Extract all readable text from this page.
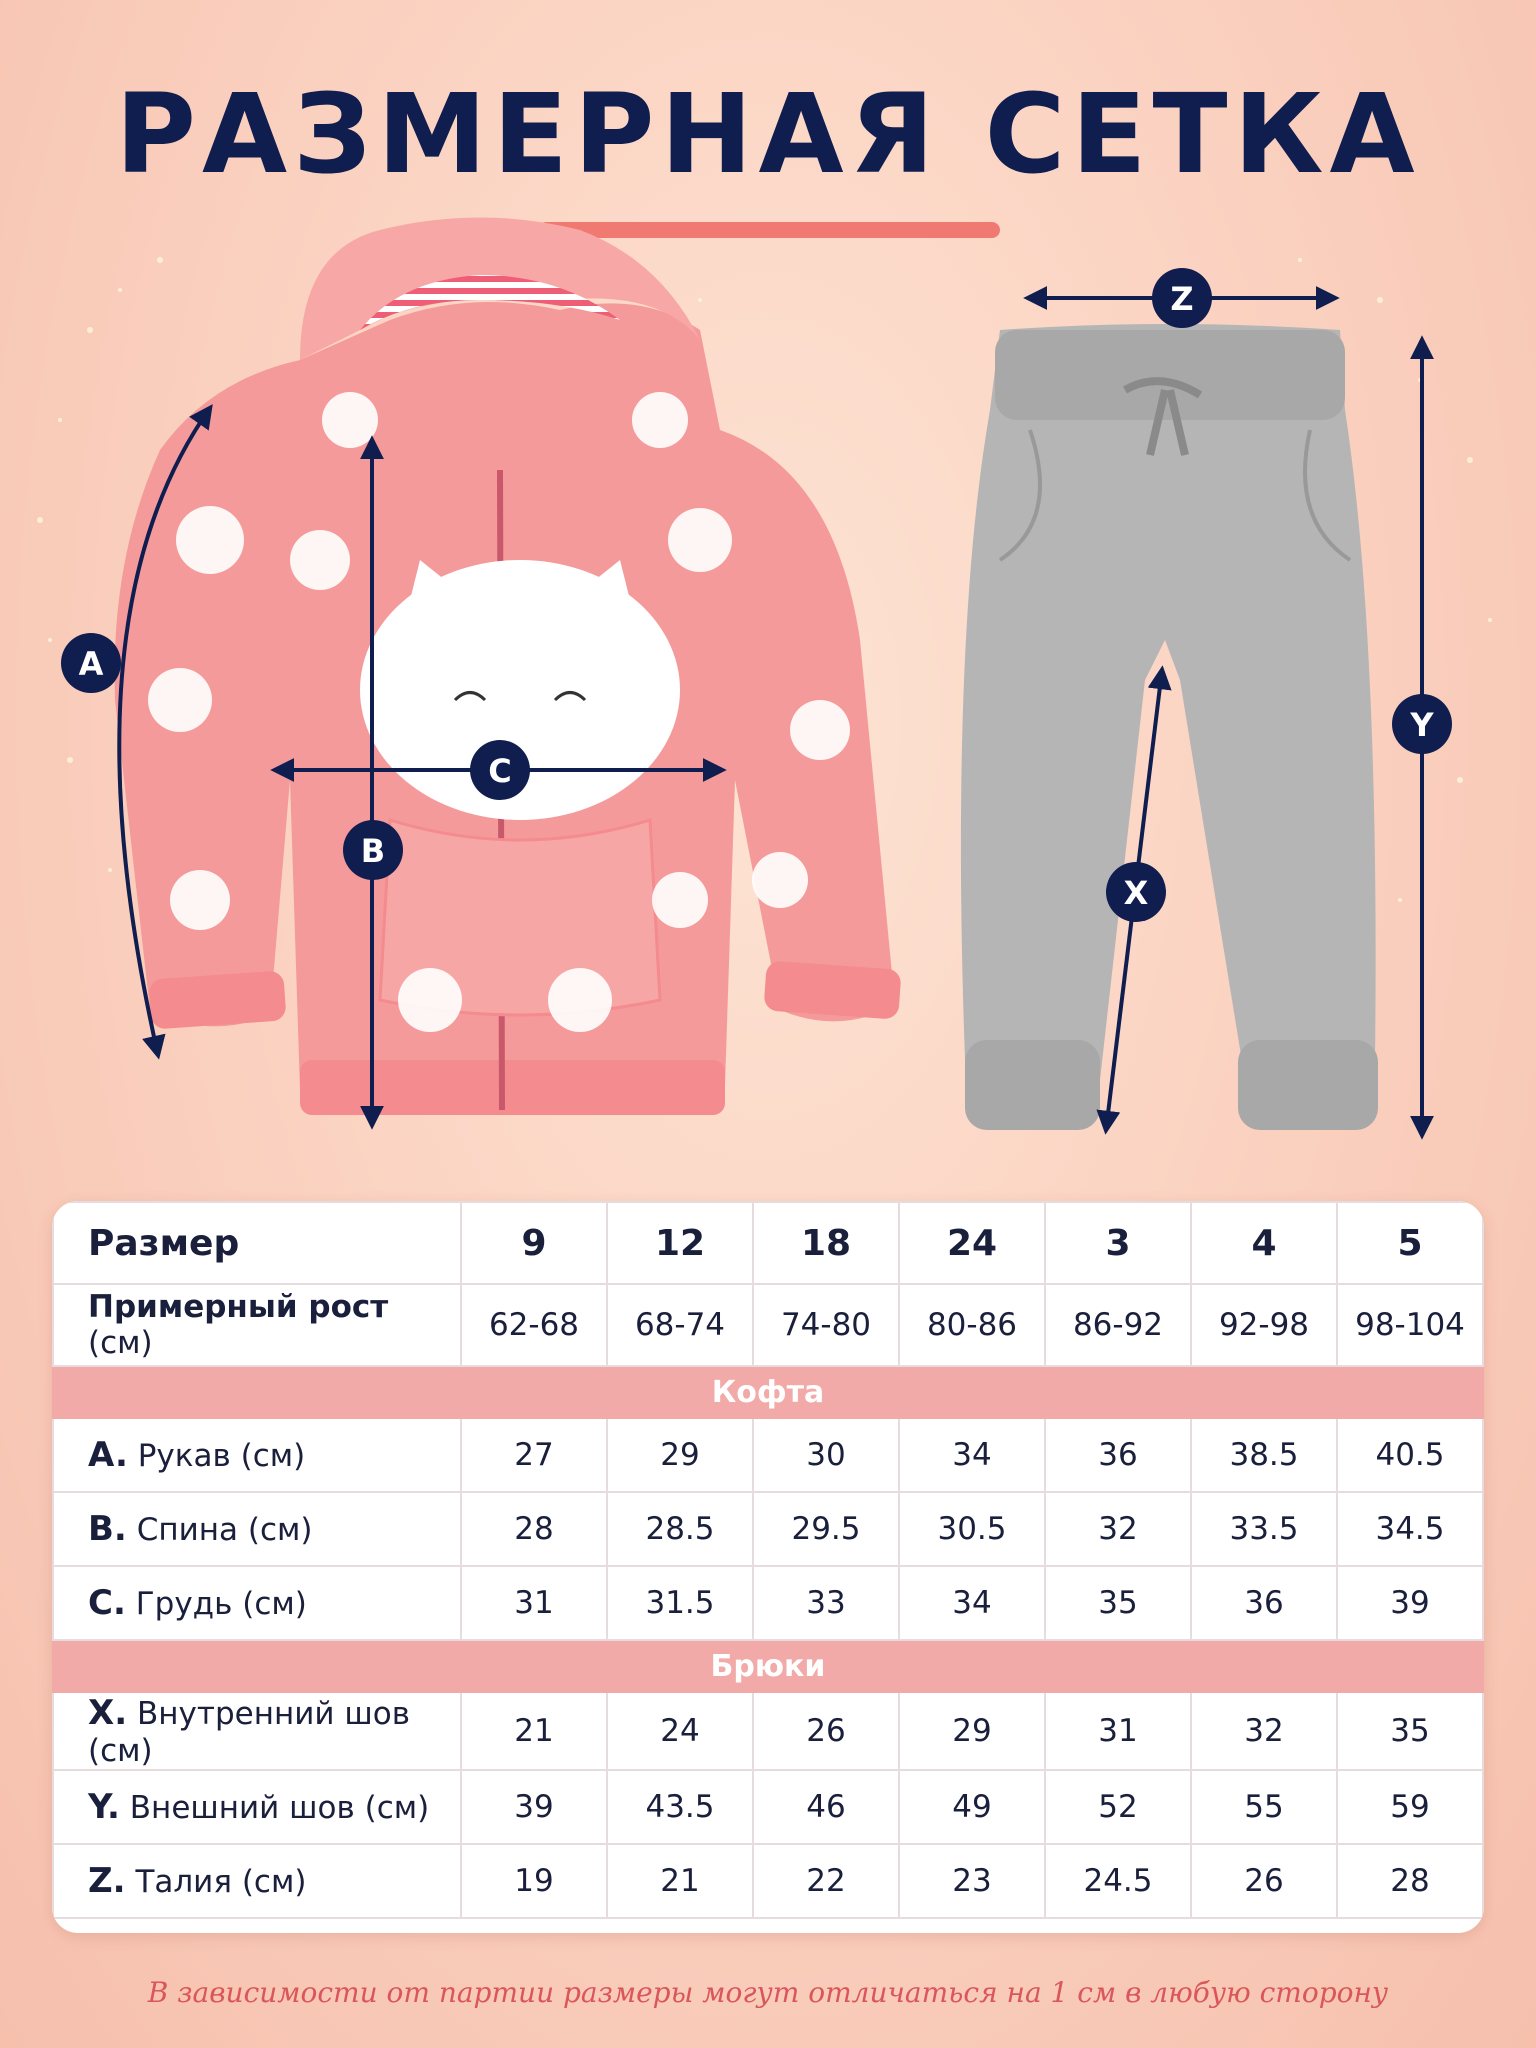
РАЗМЕРНАЯ СЕТКА
A
B
C
Z
Y
X
Размер	9	12	18	24	3	4	5
Примерный рост (см)	62-68	68-74	74-80	80-86	86-92	92-98	98-104
Кофта							
A. Рукав (см)	27	29	30	34	36	38.5	40.5
B. Спина (см)	28	28.5	29.5	30.5	32	33.5	34.5
C. Грудь (см)	31	31.5	33	34	35	36	39
Брюки							
X. Внутренний шов (см)	21	24	26	29	31	32	35
Y. Внешний шов (см)	39	43.5	46	49	52	55	59
Z. Талия (см)	19	21	22	23	24.5	26	28
В зависимости от партии размеры могут отличаться на 1 см в любую сторону
